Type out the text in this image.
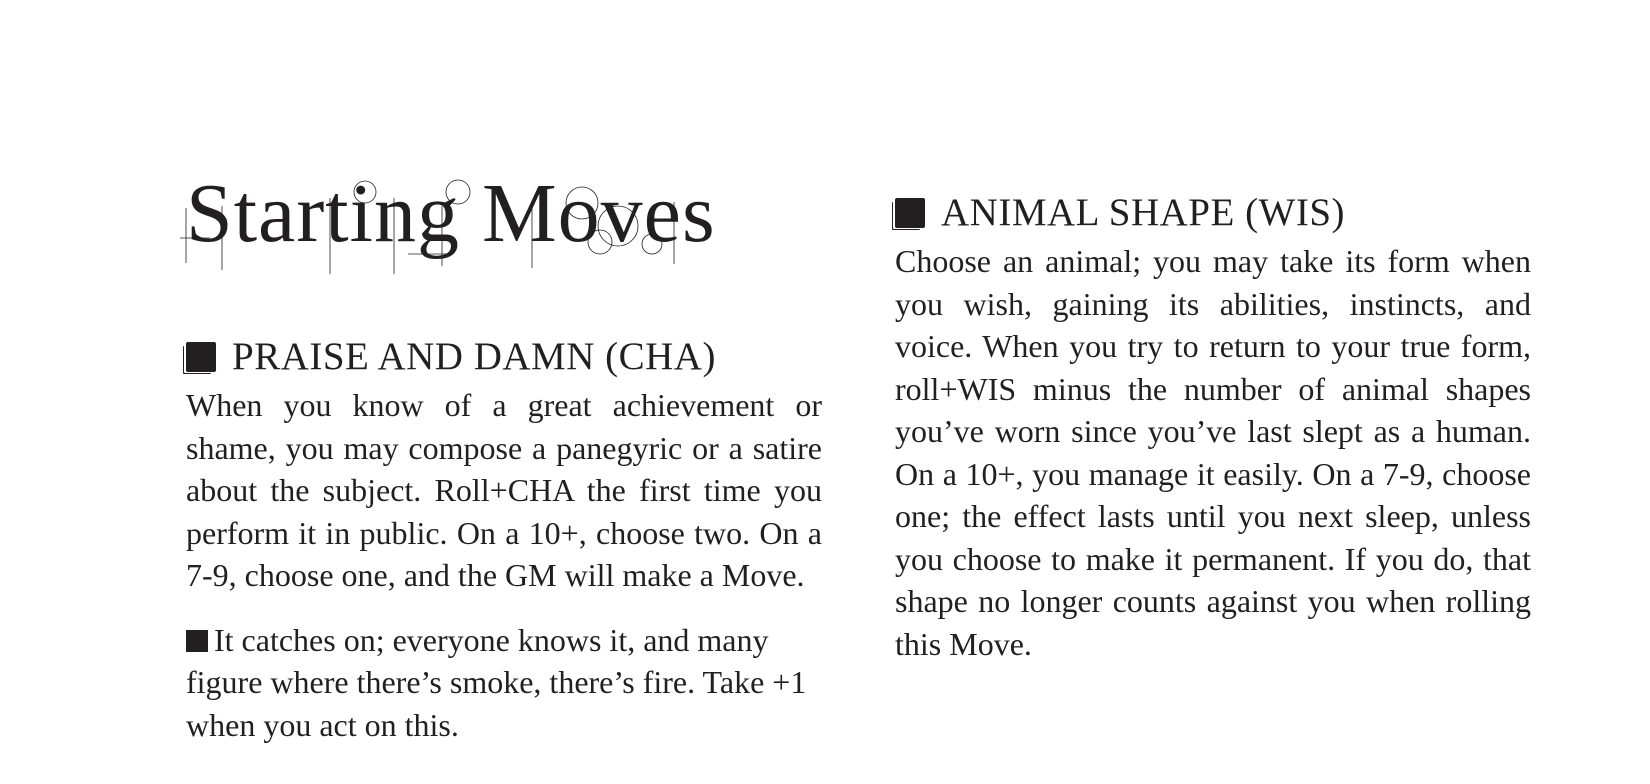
Starting Moves
PRAISE AND DAMN (CHA)

When you know of a great achievement or shame, you may compose a panegyric or a satire about the subject. Roll+CHA the first time you perform it in public. On a 10+, choose two. On a 7-9, choose one, and the GM will make a Move.

It catches on; everyone knows it, and many figure where there’s smoke, there’s fire. Take +1 when you act on this.

ANIMAL SHAPE (WIS)

Choose an animal; you may take its form when you wish, gaining its abilities, instincts, and voice. When you try to return to your true form, roll+WIS minus the number of animal shapes you’ve worn since you’ve last slept as a human. On a 10+, you manage it easily. On a 7-9, choose one; the effect lasts until you next sleep, unless you choose to make it permanent. If you do, that shape no longer counts against you when rolling this Move.
